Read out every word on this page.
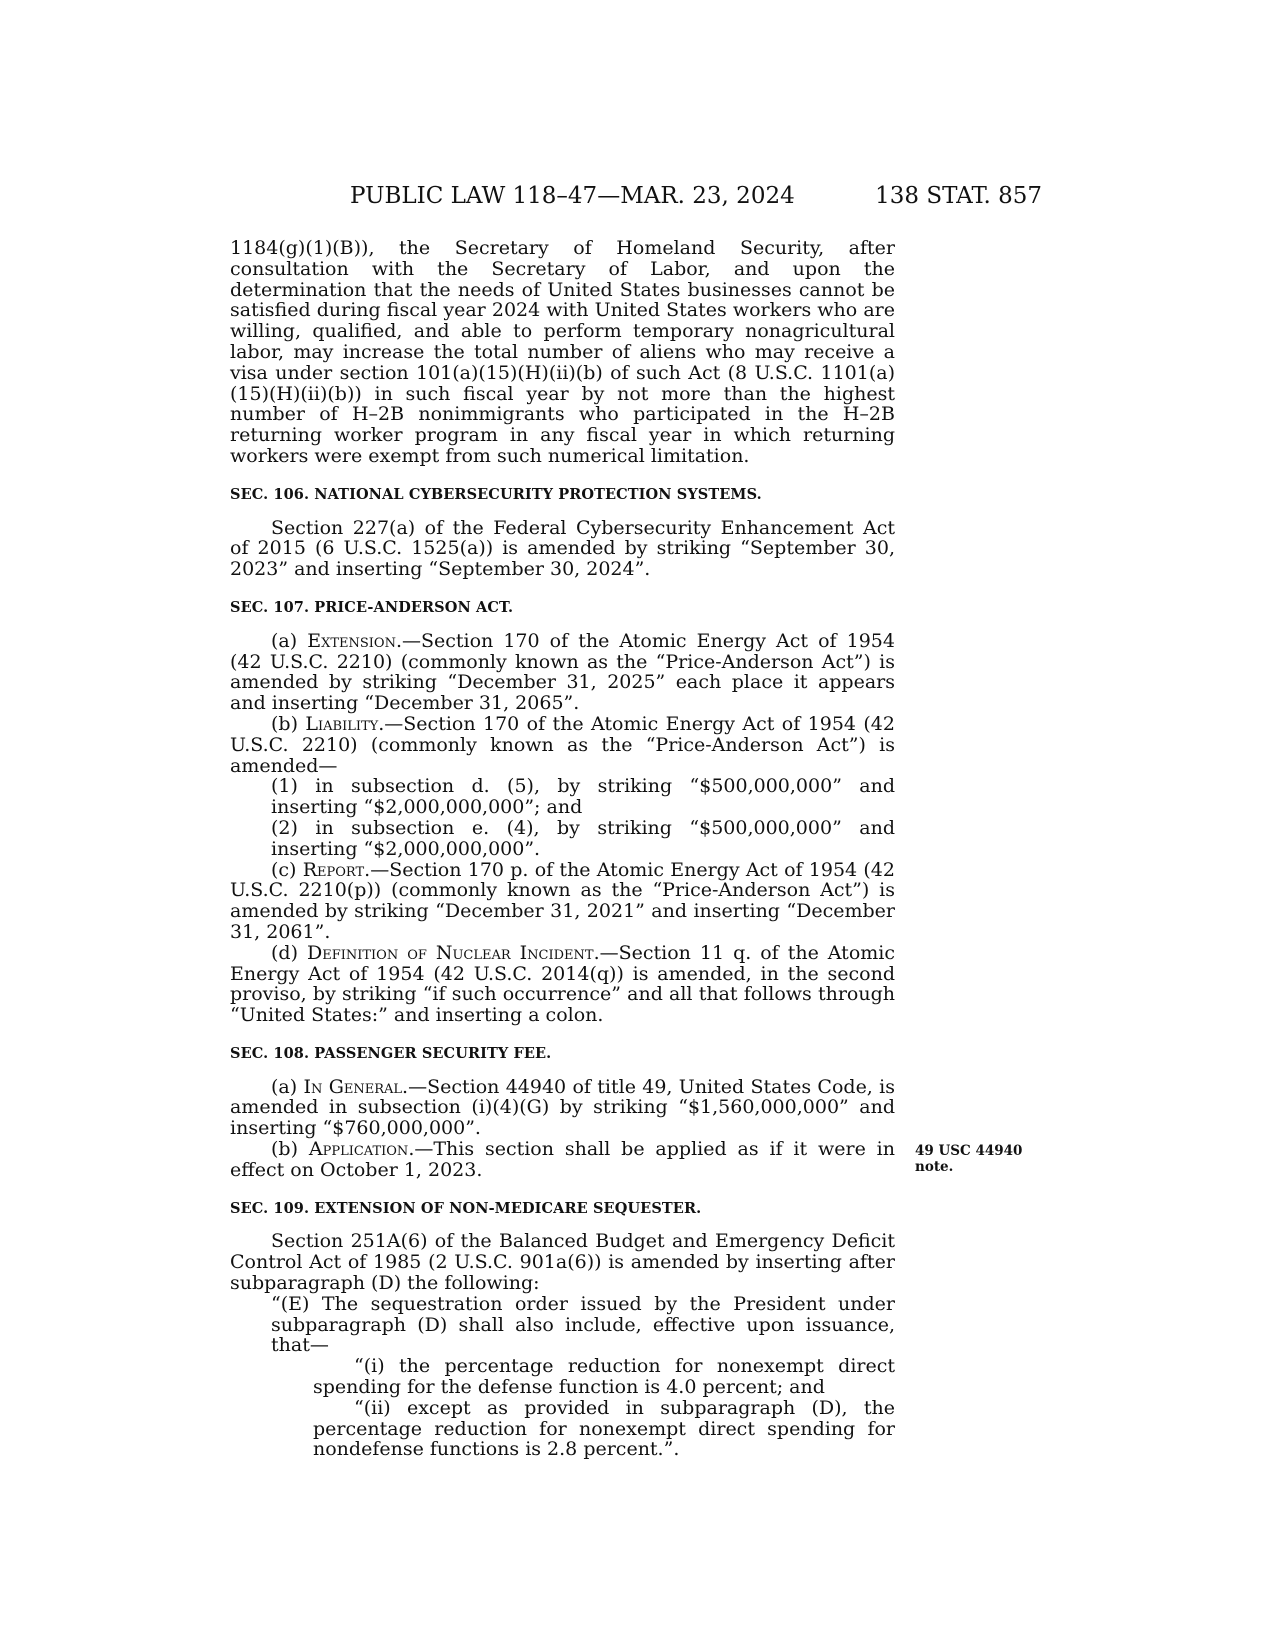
PUBLIC LAW 118–47—MAR. 23, 2024	138 STAT. 857

1184(g)(1)(B)), the Secretary of Homeland Security, after consultation with the Secretary of Labor, and upon the determination that the needs of United States businesses cannot be satisfied during fiscal year 2024 with United States workers who are willing, qualified, and able to perform temporary nonagricultural labor, may increase the total number of aliens who may receive a visa under section 101(a)(15)(H)(ii)(b) of such Act (8 U.S.C. 1101(a)(15)(H)(ii)(b)) in such fiscal year by not more than the highest number of H–2B nonimmigrants who participated in the H–2B returning worker program in any fiscal year in which returning workers were exempt from such numerical limitation.

SEC. 106. NATIONAL CYBERSECURITY PROTECTION SYSTEMS.

Section 227(a) of the Federal Cybersecurity Enhancement Act of 2015 (6 U.S.C. 1525(a)) is amended by striking “September 30, 2023” and inserting “September 30, 2024”.

SEC. 107. PRICE-ANDERSON ACT.

(a) Extension.—Section 170 of the Atomic Energy Act of 1954 (42 U.S.C. 2210) (commonly known as the “Price-Anderson Act”) is amended by striking “December 31, 2025” each place it appears and inserting “December 31, 2065”.

(b) Liability.—Section 170 of the Atomic Energy Act of 1954 (42 U.S.C. 2210) (commonly known as the “Price-Anderson Act”) is amended—

(1) in subsection d. (5), by striking “$500,000,000” and inserting “$2,000,000,000”; and

(2) in subsection e. (4), by striking “$500,000,000” and inserting “$2,000,000,000”.

(c) Report.—Section 170 p. of the Atomic Energy Act of 1954 (42 U.S.C. 2210(p)) (commonly known as the “Price-Anderson Act”) is amended by striking “December 31, 2021” and inserting “December 31, 2061”.

(d) Definition of Nuclear Incident.—Section 11 q. of the Atomic Energy Act of 1954 (42 U.S.C. 2014(q)) is amended, in the second proviso, by striking “if such occurrence” and all that follows through “United States:” and inserting a colon.

SEC. 108. PASSENGER SECURITY FEE.

(a) In General.—Section 44940 of title 49, United States Code, is amended in subsection (i)(4)(G) by striking “$1,560,000,000” and inserting “$760,000,000”.

(b) Application.—This section shall be applied as if it were in effect on October 1, 2023.

49 USC 44940
note.
SEC. 109. EXTENSION OF NON-MEDICARE SEQUESTER.

Section 251A(6) of the Balanced Budget and Emergency Deficit Control Act of 1985 (2 U.S.C. 901a(6)) is amended by inserting after subparagraph (D) the following:

“(E) The sequestration order issued by the President under subparagraph (D) shall also include, effective upon issuance, that—

“(i) the percentage reduction for nonexempt direct spending for the defense function is 4.0 percent; and

“(ii) except as provided in subparagraph (D), the percentage reduction for nonexempt direct spending for nondefense functions is 2.8 percent.”.
